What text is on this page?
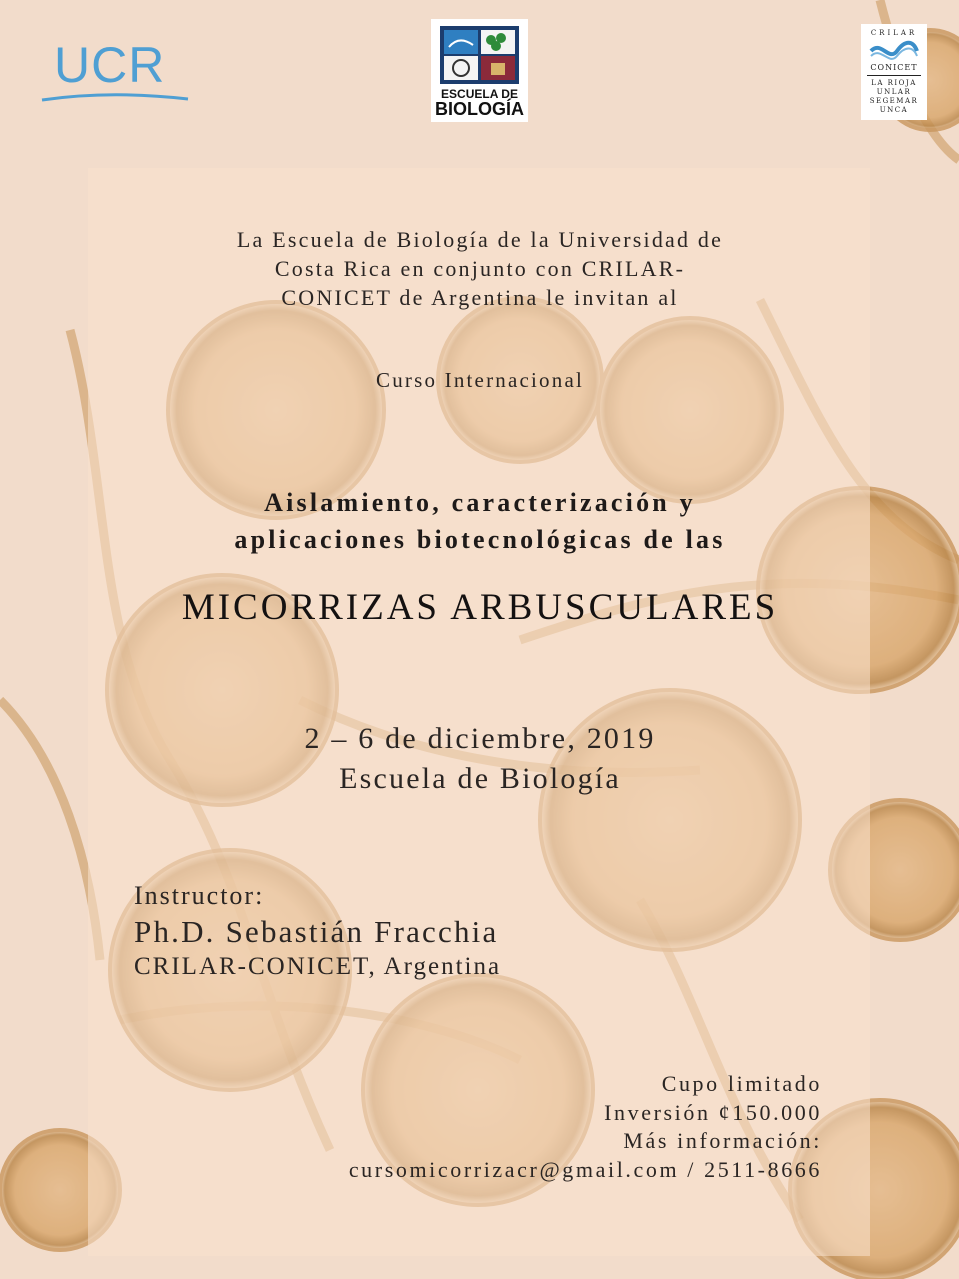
UCR
ESCUELA DE
BIOLOGÍA
CRILAR
CONICET
LA RIOJA
UNLAR
SEGEMAR
UNCA
La Escuela de Biología de la Universidad de
Costa Rica en conjunto con CRILAR-
CONICET de Argentina le invitan al
Curso Internacional
Aislamiento, caracterización y
aplicaciones biotecnológicas de las
MICORRIZAS ARBUSCULARES
2 – 6 de diciembre, 2019
Escuela de Biología
Instructor:
Ph.D. Sebastián Fracchia
CRILAR-CONICET, Argentina
Cupo limitado
Inversión ¢150.000
Más información:
cursomicorrizacr@gmail.com / 2511-8666
